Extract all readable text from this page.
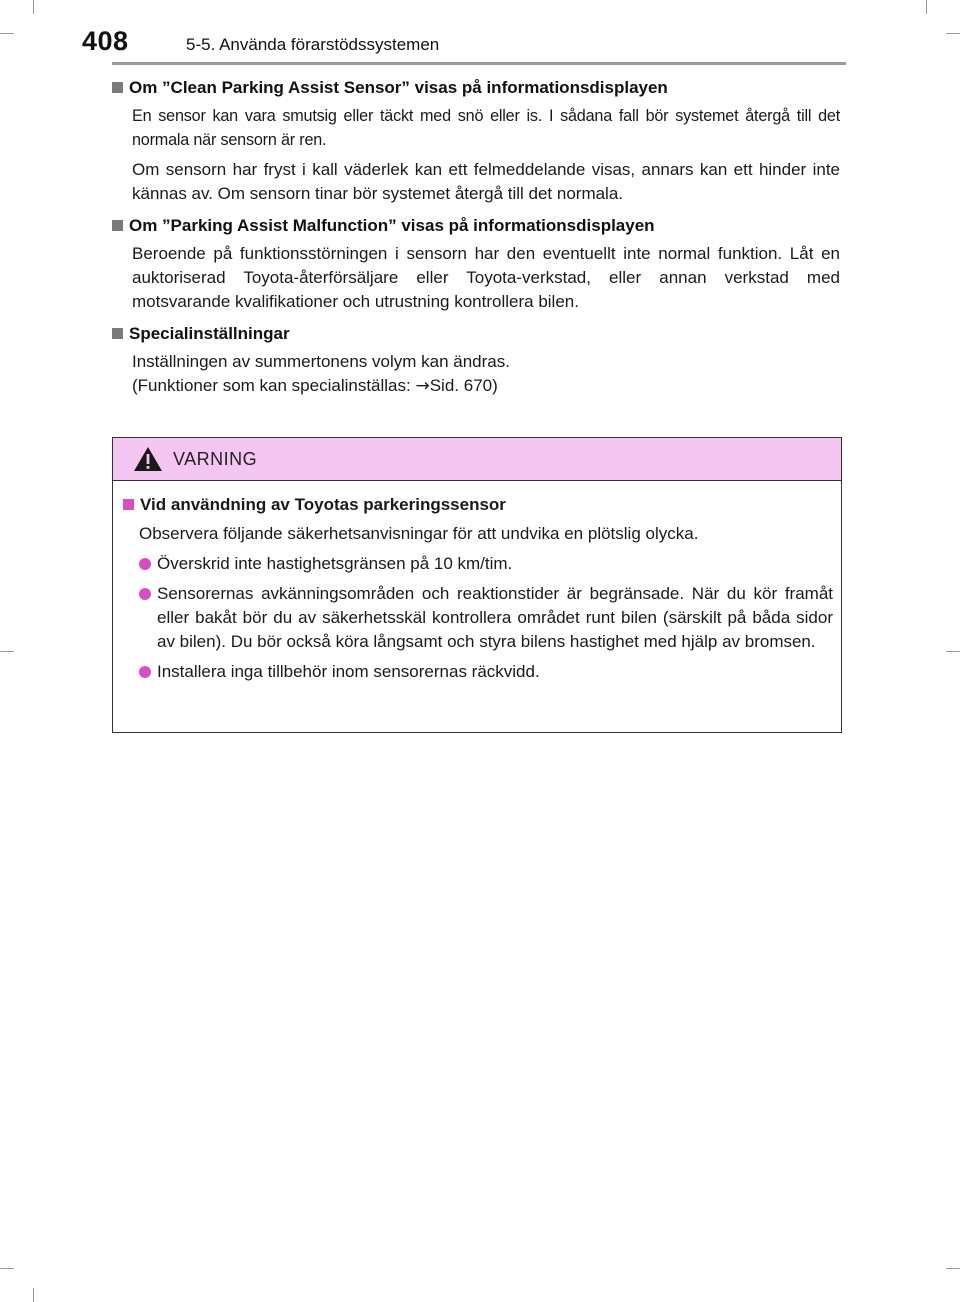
408	5-5. Använda förarstödssystemen
Om ”Clean Parking Assist Sensor” visas på informationsdisplayen

En sensor kan vara smutsig eller täckt med snö eller is. I sådana fall bör systemet återgå till det normala när sensorn är ren.

Om sensorn har fryst i kall väderlek kan ett felmeddelande visas, annars kan ett hinder inte kännas av. Om sensorn tinar bör systemet återgå till det normala.

Om ”Parking Assist Malfunction” visas på informationsdisplayen

Beroende på funktionsstörningen i sensorn har den eventuellt inte normal funktion. Låt en auktoriserad Toyota-återförsäljare eller Toyota-verkstad, eller annan verkstad med motsvarande kvalifikationer och utrustning kontrollera bilen.

Specialinställningar

Inställningen av summertonens volym kan ändras.
(Funktioner som kan specialinställas: →Sid. 670)

VARNING
Vid användning av Toyotas parkeringssensor
Observera följande säkerhetsanvisningar för att undvika en plötslig olycka.
Överskrid inte hastighetsgränsen på 10 km/tim.
Sensorernas avkänningsområden och reaktionstider är begränsade. När du kör framåt eller bakåt bör du av säkerhetsskäl kontrollera området runt bilen (särskilt på båda sidor av bilen). Du bör också köra långsamt och styra bilens hastighet med hjälp av bromsen.
Installera inga tillbehör inom sensorernas räckvidd.
